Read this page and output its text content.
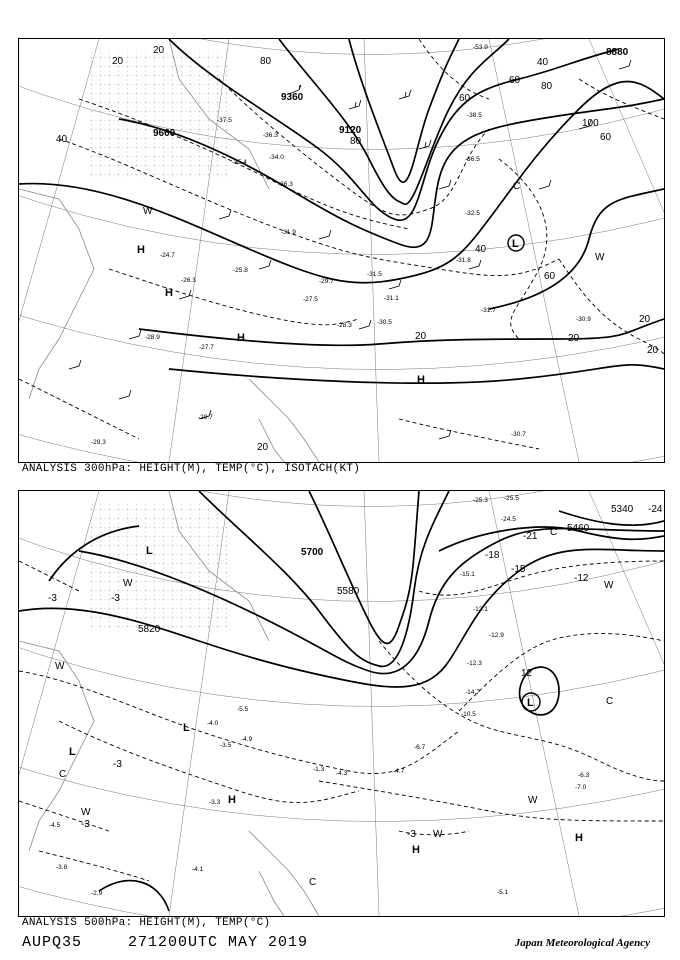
9600
9360
9120
8880
20
20
40
80
80
60
40
60
80
100
60
40
60
20	20
20
20
20
H
H
H
H
L
C
W
W
-37.5
-35.4
-34.0
-36.3
-36.5
-38.5
-32.5
-31.5
-31.1
-30.5
-28.3
-27.5
-29.7
-26.3
-24.7
-25.8
-28.9
-27.7
-29.3
-28.7
-30.7
-31.8
-31.7
-30.9
-53.9
-36.3
-31.9
ANALYSIS 300hPa: HEIGHT(M), TEMP(°C), ISOTACH(KT)
5700
5580
5820
5460
5340
-3
-3
-3
-3
-18
-15
-12
-24
-21
12
-3
L
L
L
L
H
H
H
W
W
W
W
W
W
C
C
C
C
-25.3 -25.5
-24.5
-15.1
-12.1
-12.9
-12.3
-14.7
-10.5
-6.7
-4.7
-4.3
-4.9
-5.5
-3.5
-4.0
-4.1
-5.1
-6.3
-7.0
-3.8
-4.5
-2.9
-3.3
-1.3
ANALYSIS 500hPa: HEIGHT(M), TEMP(°C)
AUPQ35	271200UTC MAY 2019	Japan Meteorological Agency
